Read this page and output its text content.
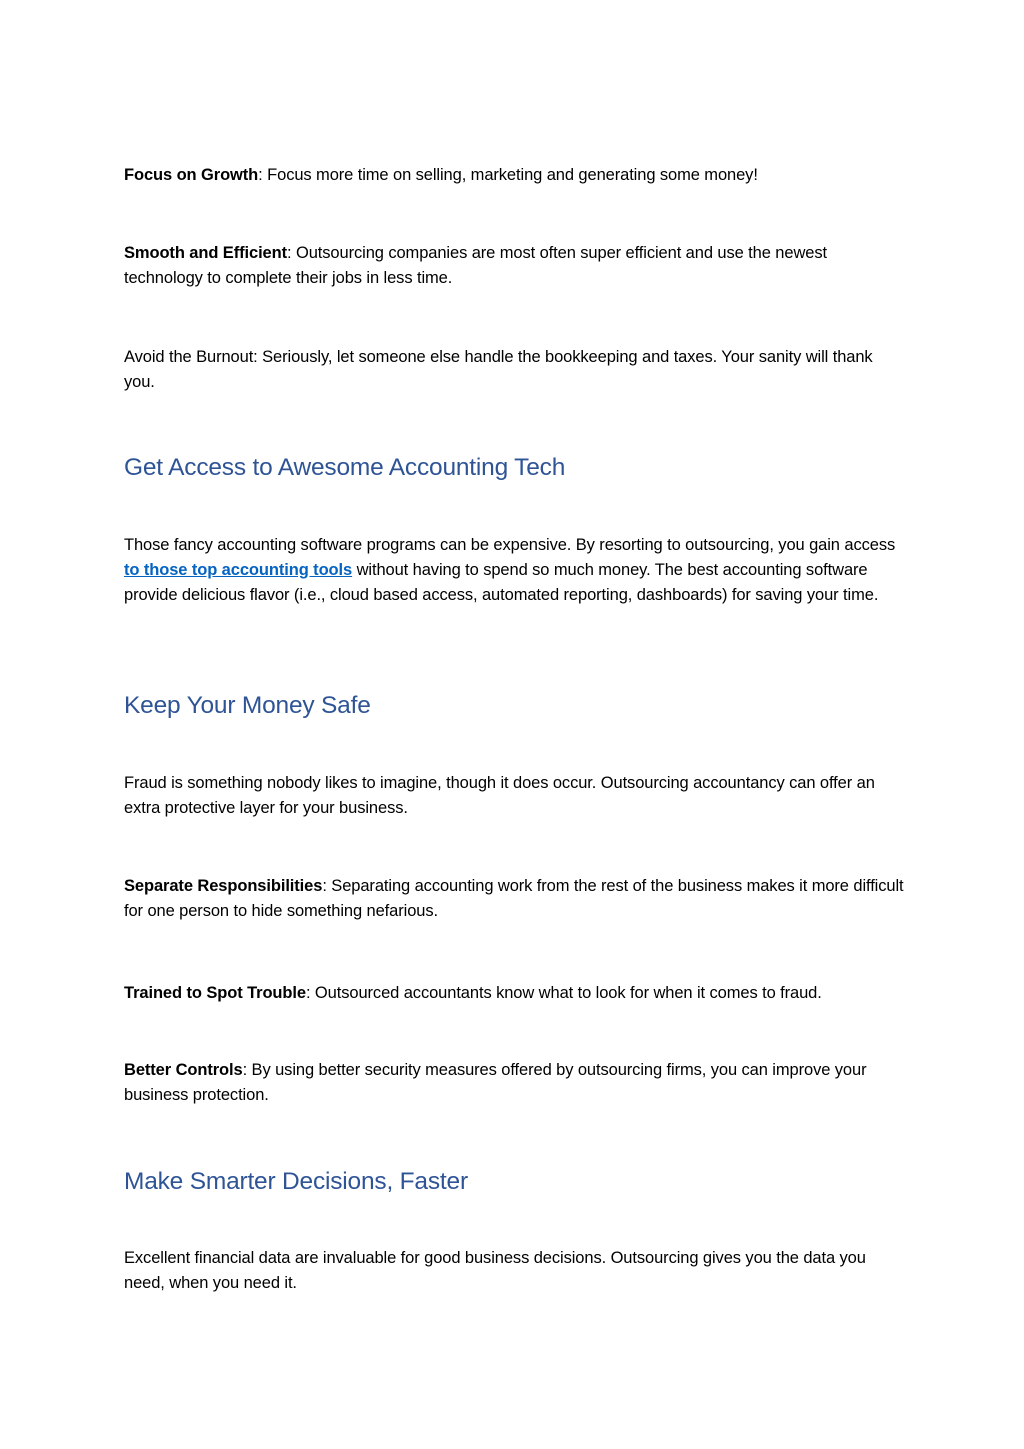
Focus on Growth: Focus more time on selling, marketing and generating some money!

Smooth and Efficient: Outsourcing companies are most often super efficient and use the newest technology to complete their jobs in less time.

Avoid the Burnout: Seriously, let someone else handle the bookkeeping and taxes. Your sanity will thank you.

Get Access to Awesome Accounting Tech

Those fancy accounting software programs can be expensive. By resorting to outsourcing, you gain access to those top accounting tools without having to spend so much money. The best accounting software provide delicious flavor (i.e., cloud based access, automated reporting, dashboards) for saving your time.

Keep Your Money Safe

Fraud is something nobody likes to imagine, though it does occur. Outsourcing accountancy can offer an extra protective layer for your business.

Separate Responsibilities: Separating accounting work from the rest of the business makes it more difficult for one person to hide something nefarious.

Trained to Spot Trouble: Outsourced accountants know what to look for when it comes to fraud.

Better Controls: By using better security measures offered by outsourcing firms, you can improve your business protection.

Make Smarter Decisions, Faster

Excellent financial data are invaluable for good business decisions. Outsourcing gives you the data you need, when you need it.
